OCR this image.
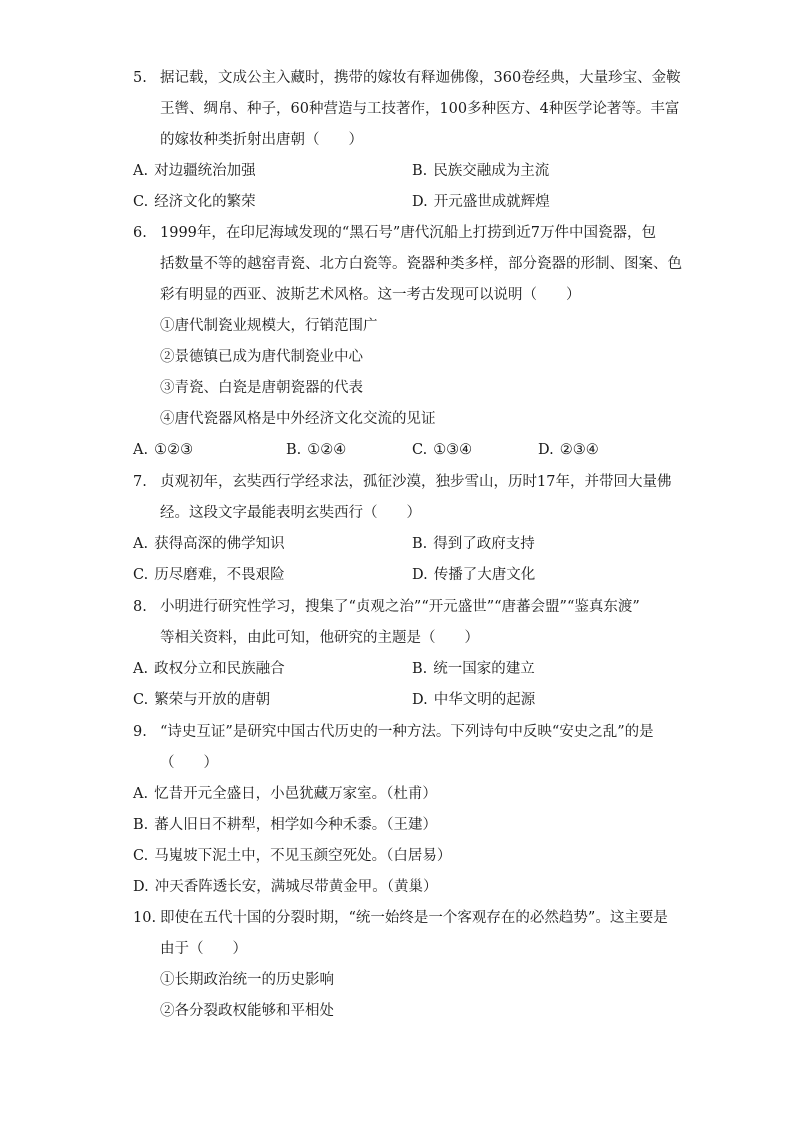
5. 据记载，文成公主入藏时，携带的嫁妆有释迦佛像，360卷经典，大量珍宝、金鞍
王辔、绸帛、种子，60种营造与工技著作，100多种医方、4种医学论著等。丰富
的嫁妆种类折射出唐朝（　　）
A. 对边疆统治加强	B. 民族交融成为主流
C. 经济文化的繁荣	D. 开元盛世成就辉煌
6. 1999年，在印尼海域发现的“黑石号”唐代沉船上打捞到近7万件中国瓷器，包
括数量不等的越窑青瓷、北方白瓷等。瓷器种类多样，部分瓷器的形制、图案、色
彩有明显的西亚、波斯艺术风格。这一考古发现可以说明（　　）
①唐代制瓷业规模大，行销范围广
②景德镇已成为唐代制瓷业中心
③青瓷、白瓷是唐朝瓷器的代表
④唐代瓷器风格是中外经济文化交流的见证
A. ①②③	B. ①②④	C. ①③④	D. ②③④
7. 贞观初年，玄奘西行学经求法，孤征沙漠，独步雪山，历时17年，并带回大量佛
经。这段文字最能表明玄奘西行（　　）
A. 获得高深的佛学知识	B. 得到了政府支持
C. 历尽磨难，不畏艰险	D. 传播了大唐文化
8. 小明进行研究性学习，搜集了“贞观之治”“开元盛世”“唐蕃会盟”“鉴真东渡”
等相关资料，由此可知，他研究的主题是（　　）
A. 政权分立和民族融合	B. 统一国家的建立
C. 繁荣与开放的唐朝	D. 中华文明的起源
9. “诗史互证”是研究中国古代历史的一种方法。下列诗句中反映“安史之乱”的是
（　　）
A. 忆昔开元全盛日，小邑犹藏万家室。（杜甫）
B. 蕃人旧日不耕犁，相学如今种禾黍。（王建）
C. 马嵬坡下泥土中，不见玉颜空死处。（白居易）
D. 冲天香阵透长安，满城尽带黄金甲。（黄巢）
10. 即使在五代十国的分裂时期，“统一始终是一个客观存在的必然趋势”。这主要是
由于（　　）
①长期政治统一的历史影响
②各分裂政权能够和平相处
